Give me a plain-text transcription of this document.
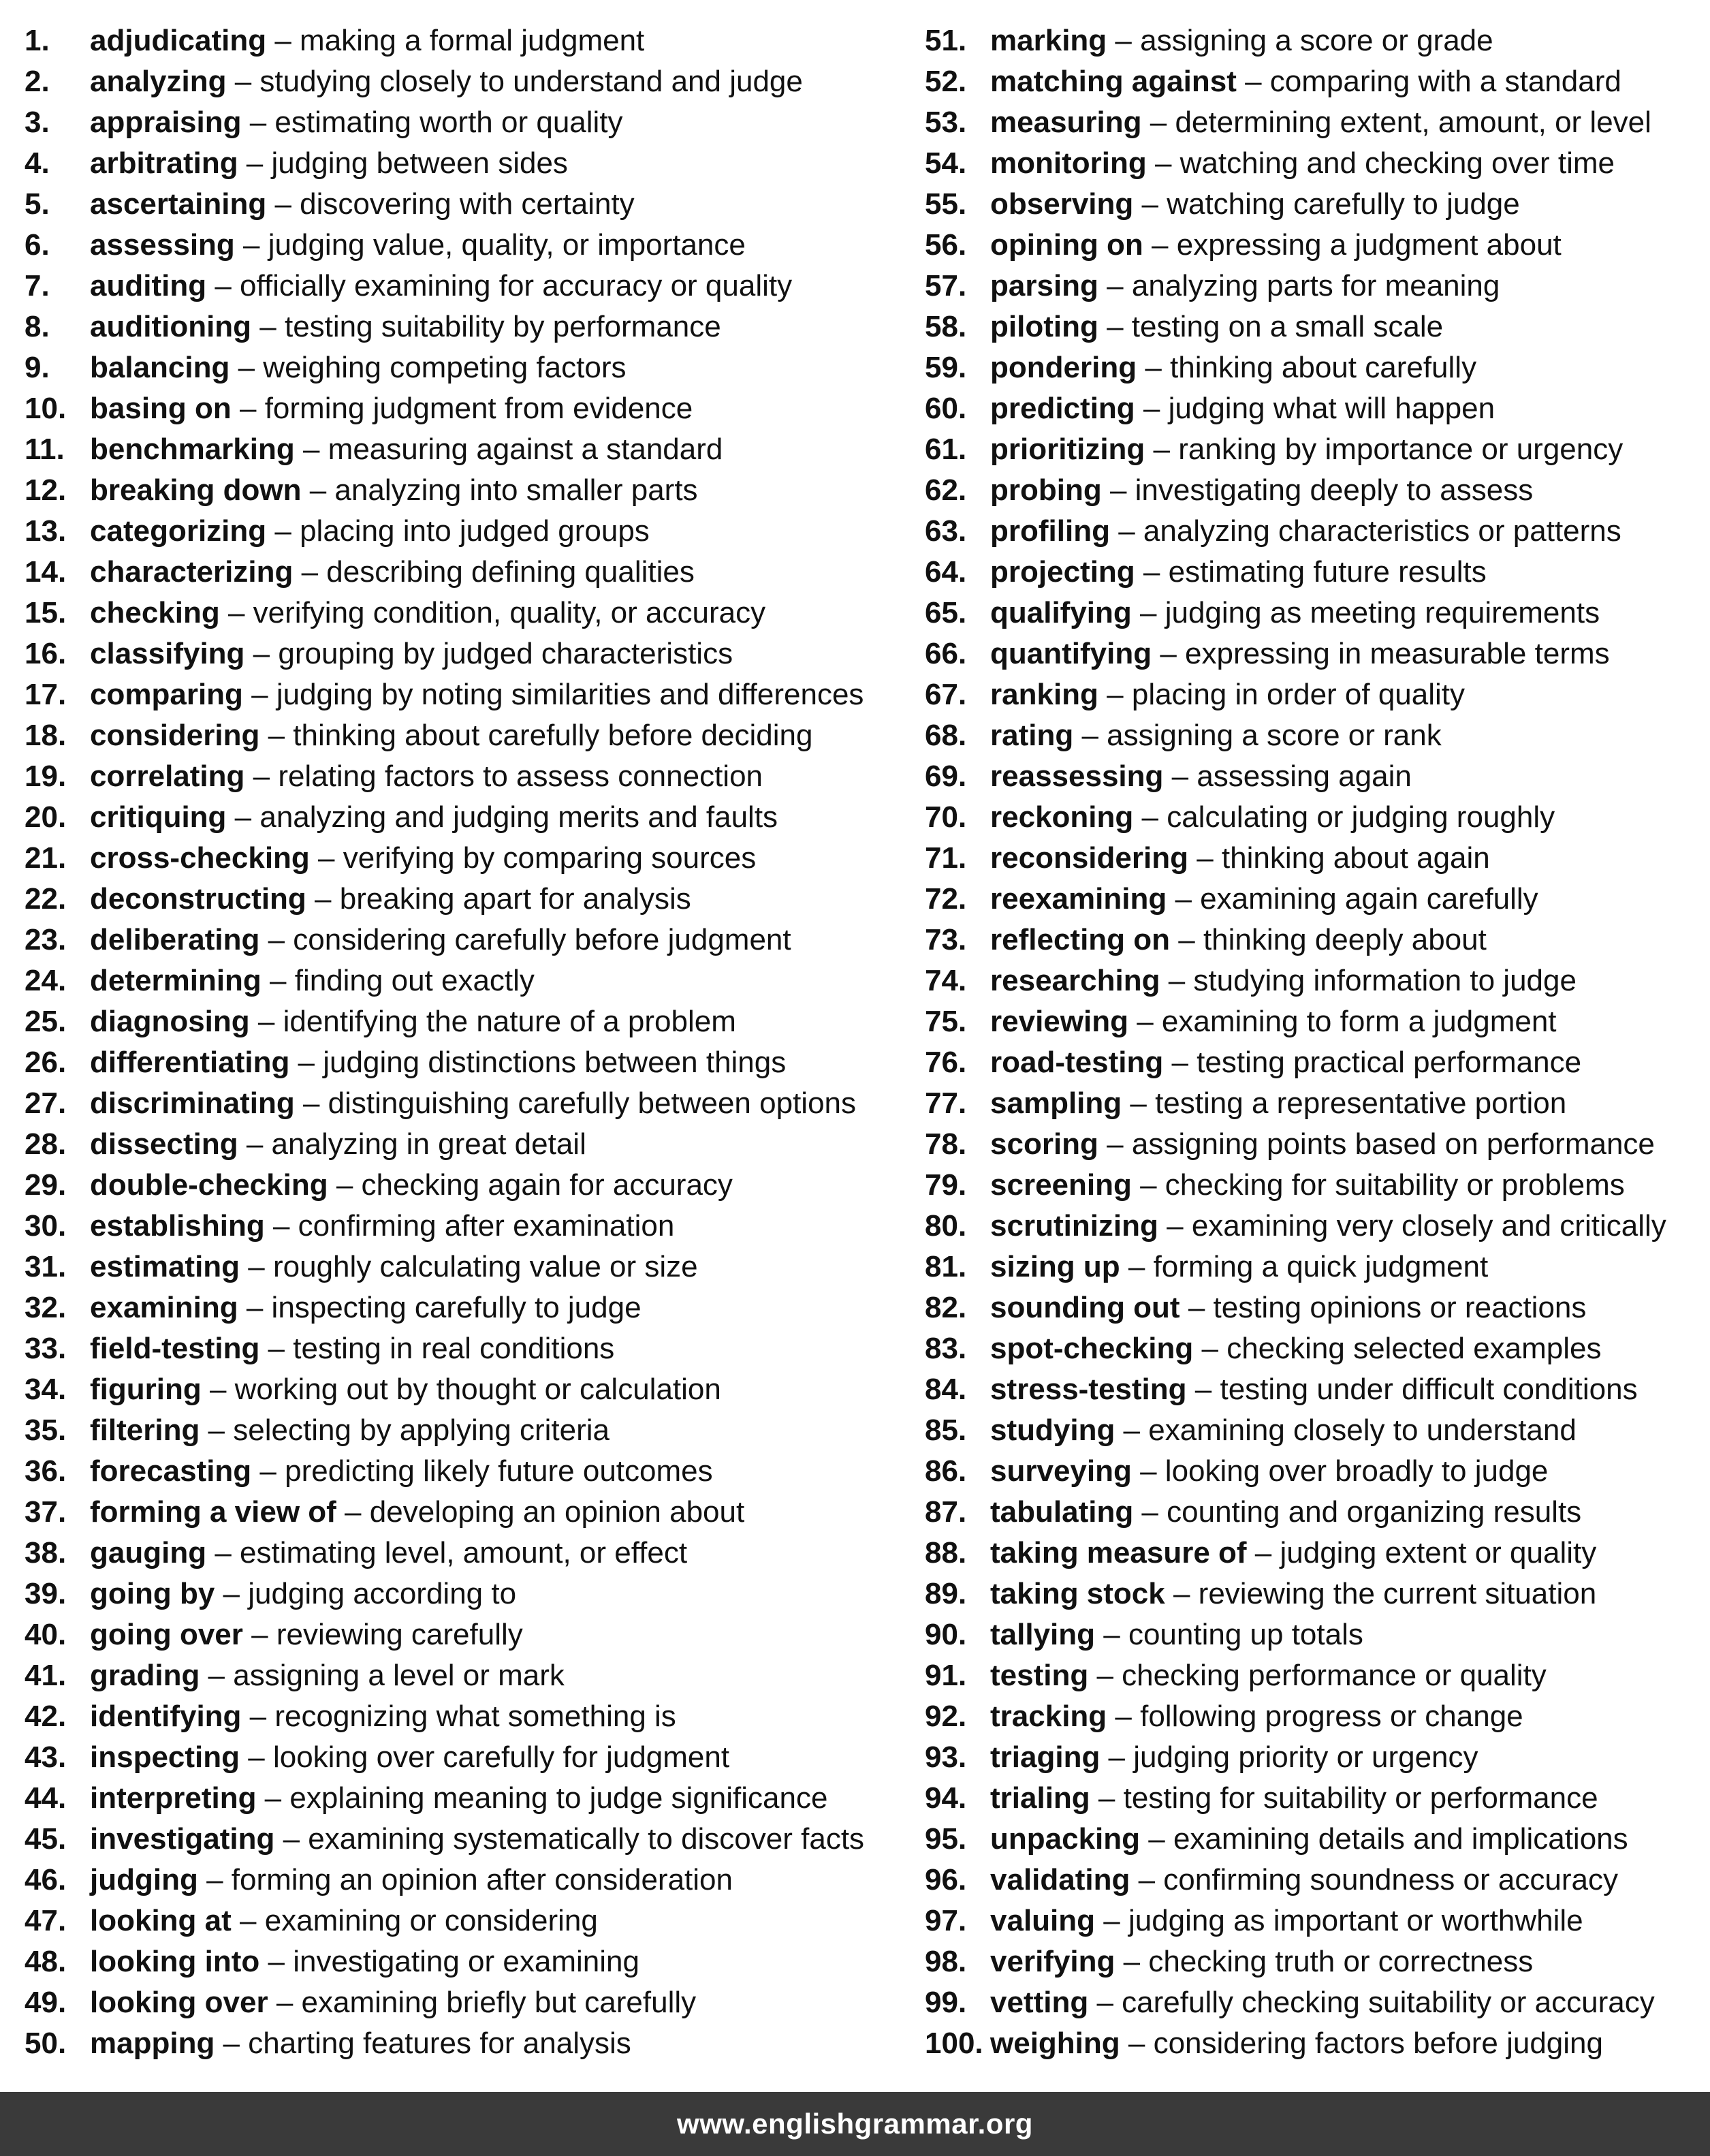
1.	adjudicating – making a formal judgment
2.	analyzing – studying closely to understand and judge
3.	appraising – estimating worth or quality
4.	arbitrating – judging between sides
5.	ascertaining – discovering with certainty
6.	assessing – judging value, quality, or importance
7.	auditing – officially examining for accuracy or quality
8.	auditioning – testing suitability by performance
9.	balancing – weighing competing factors
10. basing on – forming judgment from evidence
11. benchmarking – measuring against a standard
12. breaking down – analyzing into smaller parts
13. categorizing – placing into judged groups
14. characterizing – describing defining qualities
15. checking – verifying condition, quality, or accuracy
16. classifying – grouping by judged characteristics
17. comparing – judging by noting similarities and differences
18. considering – thinking about carefully before deciding
19. correlating – relating factors to assess connection
20. critiquing – analyzing and judging merits and faults
21. cross-checking – verifying by comparing sources
22. deconstructing – breaking apart for analysis
23. deliberating – considering carefully before judgment
24. determining – finding out exactly
25. diagnosing – identifying the nature of a problem
26. differentiating – judging distinctions between things
27. discriminating – distinguishing carefully between options
28. dissecting – analyzing in great detail
29. double-checking – checking again for accuracy
30. establishing – confirming after examination
31. estimating – roughly calculating value or size
32. examining – inspecting carefully to judge
33. field-testing – testing in real conditions
34. figuring – working out by thought or calculation
35. filtering – selecting by applying criteria
36. forecasting – predicting likely future outcomes
37. forming a view of – developing an opinion about
38. gauging – estimating level, amount, or effect
39. going by – judging according to
40. going over – reviewing carefully
41. grading – assigning a level or mark
42. identifying – recognizing what something is
43. inspecting – looking over carefully for judgment
44. interpreting – explaining meaning to judge significance
45. investigating – examining systematically to discover facts
46. judging – forming an opinion after consideration
47. looking at – examining or considering
48. looking into – investigating or examining
49. looking over – examining briefly but carefully
50. mapping – charting features for analysis
51. marking – assigning a score or grade
52. matching against – comparing with a standard
53. measuring – determining extent, amount, or level
54. monitoring – watching and checking over time
55. observing – watching carefully to judge
56. opining on – expressing a judgment about
57. parsing – analyzing parts for meaning
58. piloting – testing on a small scale
59. pondering – thinking about carefully
60. predicting – judging what will happen
61. prioritizing – ranking by importance or urgency
62. probing – investigating deeply to assess
63. profiling – analyzing characteristics or patterns
64. projecting – estimating future results
65. qualifying – judging as meeting requirements
66. quantifying – expressing in measurable terms
67. ranking – placing in order of quality
68. rating – assigning a score or rank
69. reassessing – assessing again
70. reckoning – calculating or judging roughly
71. reconsidering – thinking about again
72. reexamining – examining again carefully
73. reflecting on – thinking deeply about
74. researching – studying information to judge
75. reviewing – examining to form a judgment
76. road-testing – testing practical performance
77. sampling – testing a representative portion
78. scoring – assigning points based on performance
79. screening – checking for suitability or problems
80. scrutinizing – examining very closely and critically
81. sizing up – forming a quick judgment
82. sounding out – testing opinions or reactions
83. spot-checking – checking selected examples
84. stress-testing – testing under difficult conditions
85. studying – examining closely to understand
86. surveying – looking over broadly to judge
87. tabulating – counting and organizing results
88. taking measure of – judging extent or quality
89. taking stock – reviewing the current situation
90. tallying – counting up totals
91. testing – checking performance or quality
92. tracking – following progress or change
93. triaging – judging priority or urgency
94. trialing – testing for suitability or performance
95. unpacking – examining details and implications
96. validating – confirming soundness or accuracy
97. valuing – judging as important or worthwhile
98. verifying – checking truth or correctness
99. vetting – carefully checking suitability or accuracy
100. weighing – considering factors before judging
www.englishgrammar.org
